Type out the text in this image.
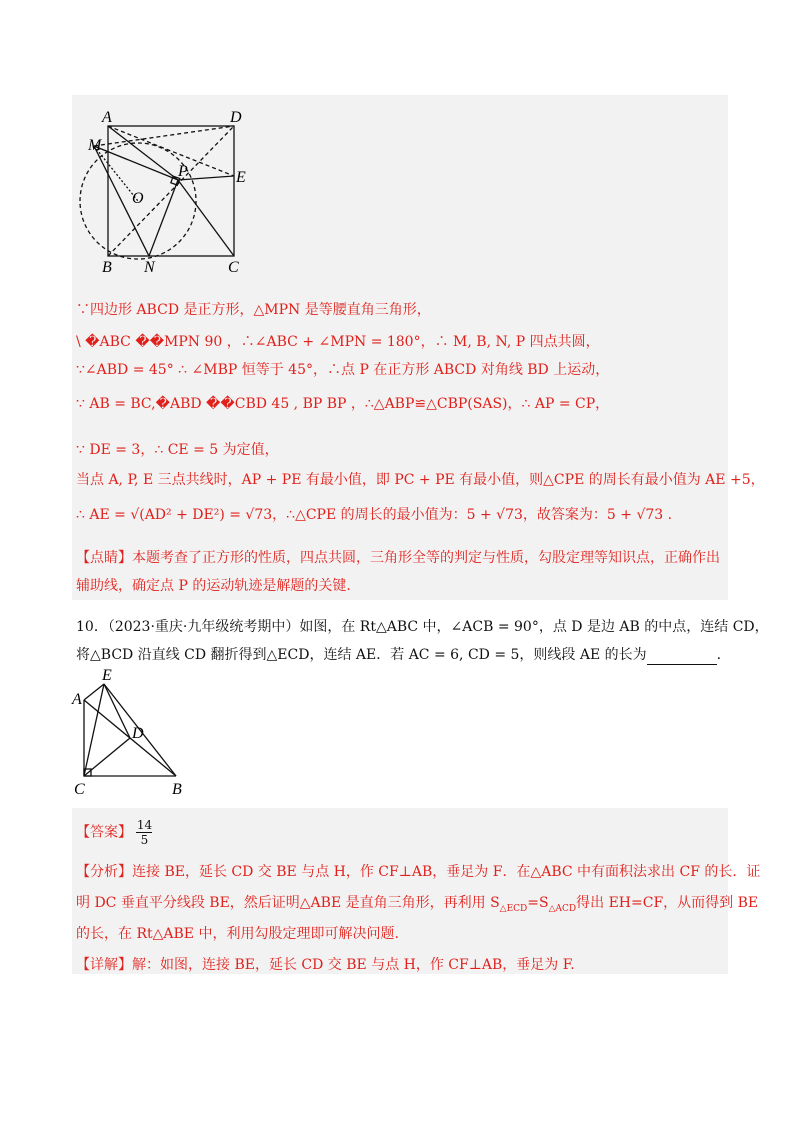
A	D
M
P	E
O
B N	C
∵四边形 ABCD 是正方形，△MPN 是等腰直角三角形，
\ �ABC ��MPN 90 ，∴∠ABC + ∠MPN = 180°，∴ M, B, N, P 四点共圆，
∵∠ABD = 45° ∴ ∠MBP 恒等于 45°，∴点 P 在正方形 ABCD 对角线 BD 上运动，
∵ AB = BC,�ABD ��CBD 45 , BP BP ，∴△ABP≌△CBP(SAS)，∴ AP = CP，
∵ DE = 3，∴ CE = 5 为定值，
当点 A, P, E 三点共线时，AP + PE 有最小值，即 PC + PE 有最小值，则△CPE 的周长有最小值为 AE +5，
∴ AE = √(AD² + DE²) = √73，∴△CPE 的周长的最小值为：5 + √73，故答案为：5 + √73 .
【点睛】本题考查了正方形的性质，四点共圆，三角形全等的判定与性质，勾股定理等知识点，正确作出
辅助线，确定点 P 的运动轨迹是解题的关键.
10．（2023·重庆·九年级统考期中）如图，在 Rt△ABC 中，∠ACB = 90°，点 D 是边 AB 的中点，连结 CD，
将△BCD 沿直线 CD 翻折得到△ECD，连结 AE．若 AC = 6, CD = 5，则线段 AE 的长为	.
E
A
D
C	B
【答案】 $\frac{14}{5}$
【分析】连接 BE，延长 CD 交 BE 与点 H，作 CF⊥AB，垂足为 F．在△ABC 中有面积法求出 CF 的长．证
明 DC 垂直平分线段 BE，然后证明△ABE 是直角三角形，再利用 $S_{\triangle ECD}=S_{\triangle ACD}$得出 EH=CF，从而得到 BE
的长，在 Rt△ABE 中，利用勾股定理即可解决问题.
【详解】解：如图，连接 BE，延长 CD 交 BE 与点 H，作 CF⊥AB，垂足为 F.
